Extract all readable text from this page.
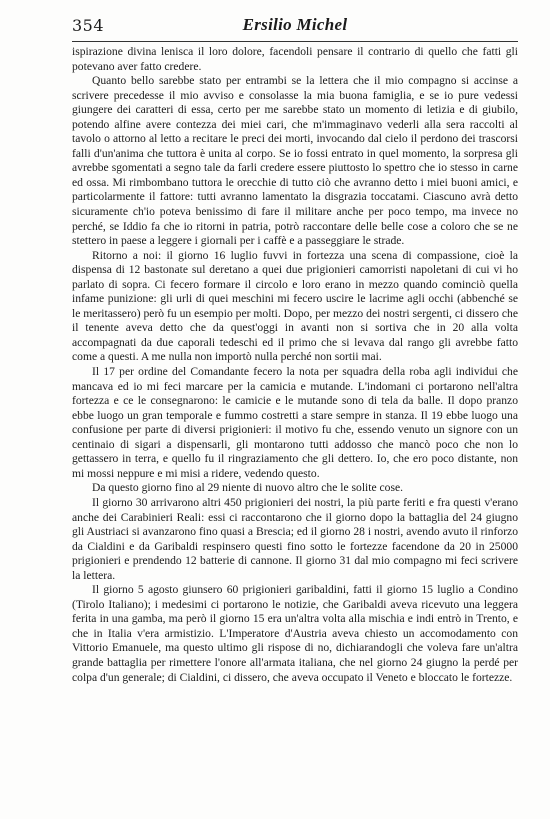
354	Ersilio Michel

ispirazione divina lenisca il loro dolore, facendoli pensare il contrario di quello che fatti gli potevano aver fatto credere.

Quanto bello sarebbe stato per entrambi se la lettera che il mio compagno si accinse a scrivere precedesse il mio avviso e consolasse la mia buona famiglia, e se io pure vedessi giungere dei caratteri di essa, certo per me sarebbe stato un momento di letizia e di giubilo, potendo alfine avere contezza dei miei cari, che m'immaginavo vederli alla sera raccolti al tavolo o attorno al letto a recitare le preci dei morti, invocando dal cielo il perdono dei trascorsi falli d'un'anima che tuttora è unita al corpo. Se io fossi entrato in quel momento, la sorpresa gli avrebbe sgomentati a segno tale da farli credere essere piuttosto lo spettro che io stesso in carne ed ossa. Mi rimbombano tuttora le orecchie di tutto ciò che avranno detto i miei buoni amici, e particolarmente il fattore: tutti avranno lamentato la disgrazia toccatami. Ciascuno avrà detto sicuramente ch'io poteva benissimo di fare il militare anche per poco tempo, ma invece no perché, se Iddio fa che io ritorni in patria, potrò raccontare delle belle cose a coloro che se ne stettero in paese a leggere i giornali per i caffè e a passeggiare le strade.

Ritorno a noi: il giorno 16 luglio fuvvi in fortezza una scena di compassione, cioè la dispensa di 12 bastonate sul deretano a quei due prigionieri camorristi napoletani di cui vi ho parlato di sopra. Ci fecero formare il circolo e loro erano in mezzo quando cominciò quella infame punizione: gli urli di quei meschini mi fecero uscire le lacrime agli occhi (abbenché se le meritassero) però fu un esempio per molti. Dopo, per mezzo dei nostri sergenti, ci dissero che il tenente aveva detto che da quest'oggi in avanti non si sortiva che in 20 alla volta accompagnati da due caporali tedeschi ed il primo che si levava dal rango gli avrebbe fatto come a questi. A me nulla non importò nulla perché non sortii mai.

Il 17 per ordine del Comandante fecero la nota per squadra della roba agli individui che mancava ed io mi feci marcare per la camicia e mutande. L'indomani ci portarono nell'altra fortezza e ce le consegnarono: le camicie e le mutande sono di tela da balle. Il dopo pranzo ebbe luogo un gran temporale e fummo costretti a stare sempre in stanza. Il 19 ebbe luogo una confusione per parte di diversi prigionieri: il motivo fu che, essendo venuto un signore con un centinaio di sigari a dispensarli, gli montarono tutti addosso che mancò poco che non lo gettassero in terra, e quello fu il ringraziamento che gli dettero. Io, che ero poco distante, non mi mossi neppure e mi misi a ridere, vedendo questo.

Da questo giorno fino al 29 niente di nuovo altro che le solite cose.

Il giorno 30 arrivarono altri 450 prigionieri dei nostri, la più parte feriti e fra questi v'erano anche dei Carabinieri Reali: essi ci raccontarono che il giorno dopo la battaglia del 24 giugno gli Austriaci si avanzarono fino quasi a Brescia; ed il giorno 28 i nostri, avendo avuto il rinforzo da Cialdini e da Garibaldi respinsero questi fino sotto le fortezze facendone da 20 in 25000 prigionieri e prendendo 12 batterie di cannone. Il giorno 31 dal mio compagno mi feci scrivere la lettera.

Il giorno 5 agosto giunsero 60 prigionieri garibaldini, fatti il giorno 15 luglio a Condino (Tirolo Italiano); i medesimi ci portarono le notizie, che Garibaldi aveva ricevuto una leggera ferita in una gamba, ma però il giorno 15 era un'altra volta alla mischia e indi entrò in Trento, e che in Italia v'era armistizio. L'Imperatore d'Austria aveva chiesto un accomodamento con Vittorio Emanuele, ma questo ultimo gli rispose di no, dichiarandogli che voleva fare un'altra grande battaglia per rimettere l'onore all'armata italiana, che nel giorno 24 giugno la perdé per colpa d'un generale; di Cialdini, ci dissero, che aveva occupato il Veneto e bloccato le fortezze.
